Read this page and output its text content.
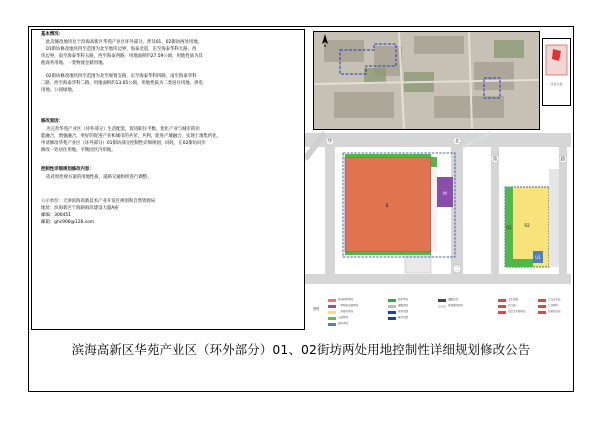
基本情况：
此次修改地块位于滨海高新区华苑产业区环外部分，涉及01、02街坊两处用地。
01街坊修改地块四至范围为北至地块边界，海泰北道，东至海泰华科九路，西
块边界，南至海泰华科五路，西至海泰西路，用地面积约27.59公顷，用地性质为其
他商务用地、一类物流仓储用地。
02街坊修改地块四至范围为北至规划支路，东至海泰华科四路，南至海泰华科
二路，西至海泰华科二路，用地面积约13.05公顷，用地性质为二类居住用地、供电
用地、公园绿地。
修改原因：
为完善华苑产业区（环外部分）生活配套，促进职住平衡，优化产业与城市的功
能融合，增强融合，更好的促进产业和城市的共荣，共利，促进产城融合，实现土地集约化，
申请修改华苑产业区（环外部分）01街坊部分控制性详细规划，同时，在02街坊同步
修改一处居住用地，平衡园区内用地。
控制性详细规划修改内容：
依对原控规方案的用地性质，道路交通组织进行调整。
公示单位：天津滨海高新技术产业开发区规划和自然资源局
地址：滨海新区宁海路海洋建设大厦A座
邮编：300451
邮箱：ghc906@126.com
华	北
苑	路
二
B
M
R2
G1
U1
N
区位示意
图例
其他商务用地
一类物流仓储用地
二类居住用地
公园绿地
供电用地
防护绿地
道路用地
规划范围
修改范围
道路红线
规划建设用地
文化设施
幼儿园
社区卫生服务站
公交首末站
公共厕所
垃圾转运站
滨海高新区华苑产业区（环外部分）01、02街坊两处用地控制性详细规划修改公告
